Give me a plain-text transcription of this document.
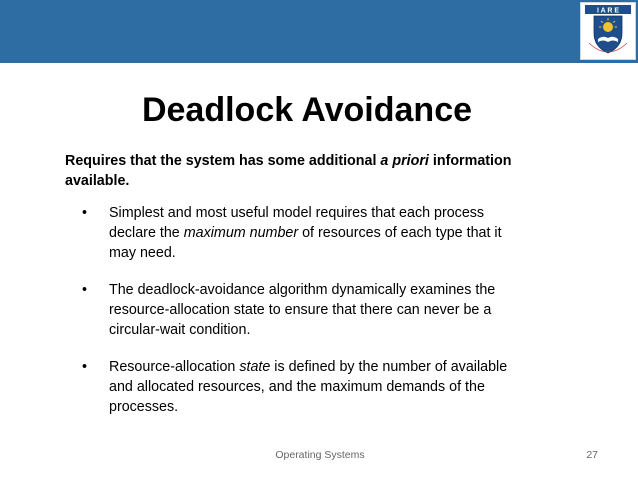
I A R E
Deadlock Avoidance
Requires that the system has some additional a priori information available.
• Simplest and most useful model requires that each process declare the maximum number of resources of each type that it may need.
• The deadlock-avoidance algorithm dynamically examines the resource-allocation state to ensure that there can never be a circular-wait condition.
• Resource-allocation state is defined by the number of available and allocated resources, and the maximum demands of the processes.
Operating Systems	27
